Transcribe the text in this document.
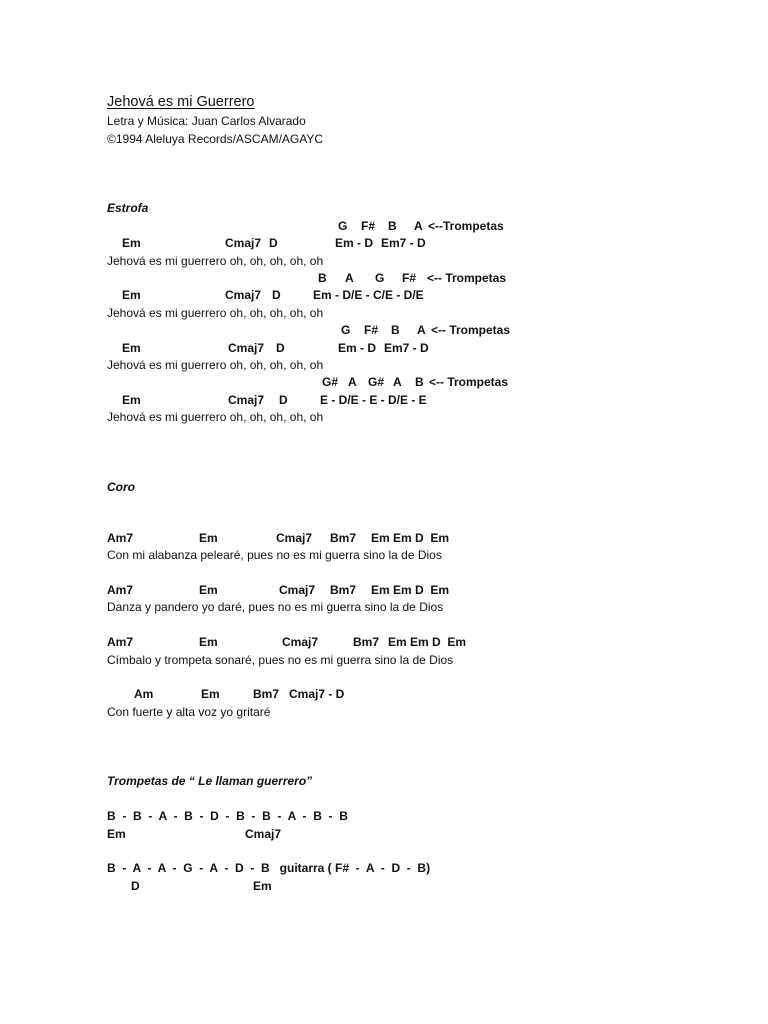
Jehová es mi Guerrero
Letra y Música: Juan Carlos Alvarado
©1994 Aleluya Records/ASCAM/AGAYC
Estrofa
G F# B A <--Trompetas
Em	Cmaj7 D	Em - D Em7 - D
Jehová es mi guerrero oh, oh, oh, oh, oh
B A G F# <-- Trompetas
Em	Cmaj7 D	Em - D/E - C/E - D/E
Jehová es mi guerrero oh, oh, oh, oh, oh
G F# B A <-- Trompetas
Em	Cmaj7 D	Em - D Em7 - D
Jehová es mi guerrero oh, oh, oh, oh, oh
G# A G# A B <-- Trompetas
Em	Cmaj7 D	E - D/E - E - D/E - E
Jehová es mi guerrero oh, oh, oh, oh, oh
Coro
Am7	Em	Cmaj7 Bm7 Em Em D  Em
Con mi alabanza pelearé, pues no es mi guerra sino la de Dios
Am7	Em	Cmaj7 Bm7 Em Em D  Em
Danza y pandero yo daré, pues no es mi guerra sino la de Dios
Am7	Em	Cmaj7	Bm7 Em Em D  Em
Címbalo y trompeta sonaré, pues no es mi guerra sino la de Dios
Am	Em	Bm7 Cmaj7 - D
Con fuerte y alta voz yo gritaré
Trompetas de “ Le llaman guerrero”
B  -  B  -  A  -  B  -  D  -  B  -  B  -  A  -  B  -  B
Em	Cmaj7
B  -  A  -  A  -  G  -  A  -  D  -  B   guitarra ( F#  -  A  -  D  -  B)
D	Em
